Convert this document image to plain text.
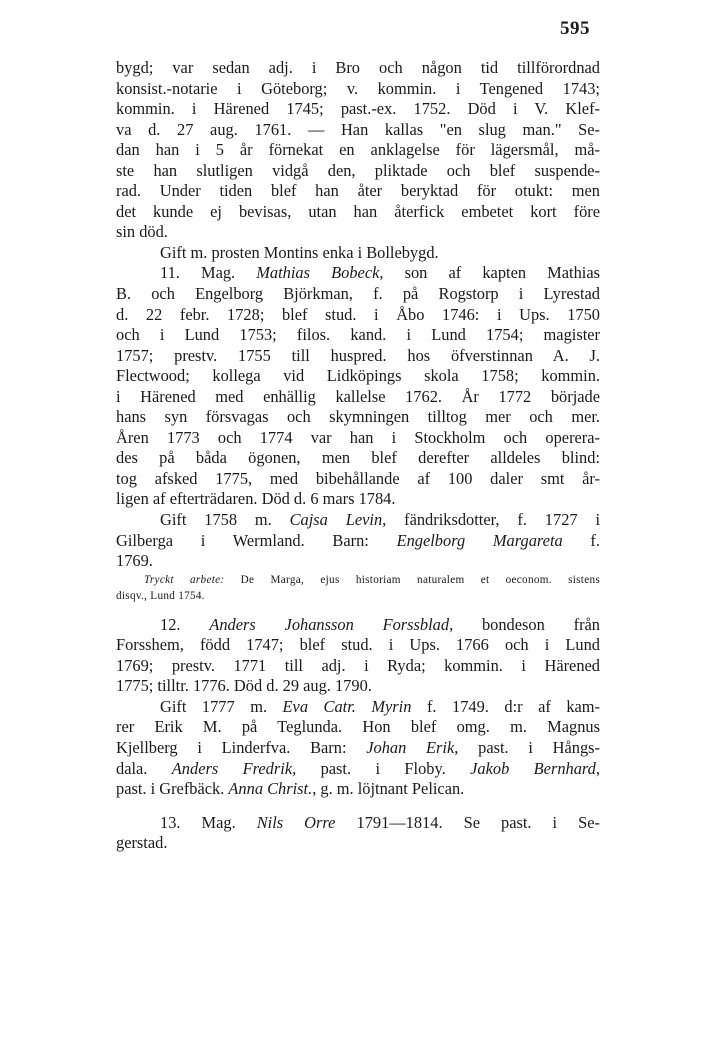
595
bygd; var sedan adj. i Bro och någon tid tillförordnad
konsist.-notarie i Göteborg; v. kommin. i Tengened 1743;
kommin. i Härened 1745; past.-ex. 1752. Död i V. Klef-
va d. 27 aug. 1761. — Han kallas "en slug man." Se-
dan han i 5 år förnekat en anklagelse för lägersmål, må-
ste han slutligen vidgå den, pliktade och blef suspende-
rad. Under tiden blef han åter beryktad för otukt: men
det kunde ej bevisas, utan han återfick embetet kort före
sin död.
Gift m. prosten Montins enka i Bollebygd.
11. Mag. Mathias Bobeck, son af kapten Mathias
B. och Engelborg Björkman, f. på Rogstorp i Lyrestad
d. 22 febr. 1728; blef stud. i Åbo 1746: i Ups. 1750
och i Lund 1753; filos. kand. i Lund 1754; magister
1757; prestv. 1755 till huspred. hos öfverstinnan A. J.
Flectwood; kollega vid Lidköpings skola 1758; kommin.
i Härened med enhällig kallelse 1762. År 1772 började
hans syn försvagas och skymningen tilltog mer och mer.
Åren 1773 och 1774 var han i Stockholm och operera-
des på båda ögonen, men blef derefter alldeles blind:
tog afsked 1775, med bibehållande af 100 daler smt år-
ligen af efterträdaren. Död d. 6 mars 1784.
Gift 1758 m. Cajsa Levin, fändriksdotter, f. 1727 i
Gilberga i Wermland. Barn: Engelborg Margareta f.
1769.
Tryckt arbete: De Marga, ejus historiam naturalem et oeconom. sistens
disqv., Lund 1754.
12. Anders Johansson Forssblad, bondeson från
Forsshem, född 1747; blef stud. i Ups. 1766 och i Lund
1769; prestv. 1771 till adj. i Ryda; kommin. i Härened
1775; tilltr. 1776. Död d. 29 aug. 1790.
Gift 1777 m. Eva Catr. Myrin f. 1749. d:r af kam-
rer Erik M. på Teglunda. Hon blef omg. m. Magnus
Kjellberg i Linderfva. Barn: Johan Erik, past. i Hångs-
dala. Anders Fredrik, past. i Floby. Jakob Bernhard,
past. i Grefbäck. Anna Christ., g. m. löjtnant Pelican.
13. Mag. Nils Orre 1791—1814. Se past. i Se-
gerstad.
